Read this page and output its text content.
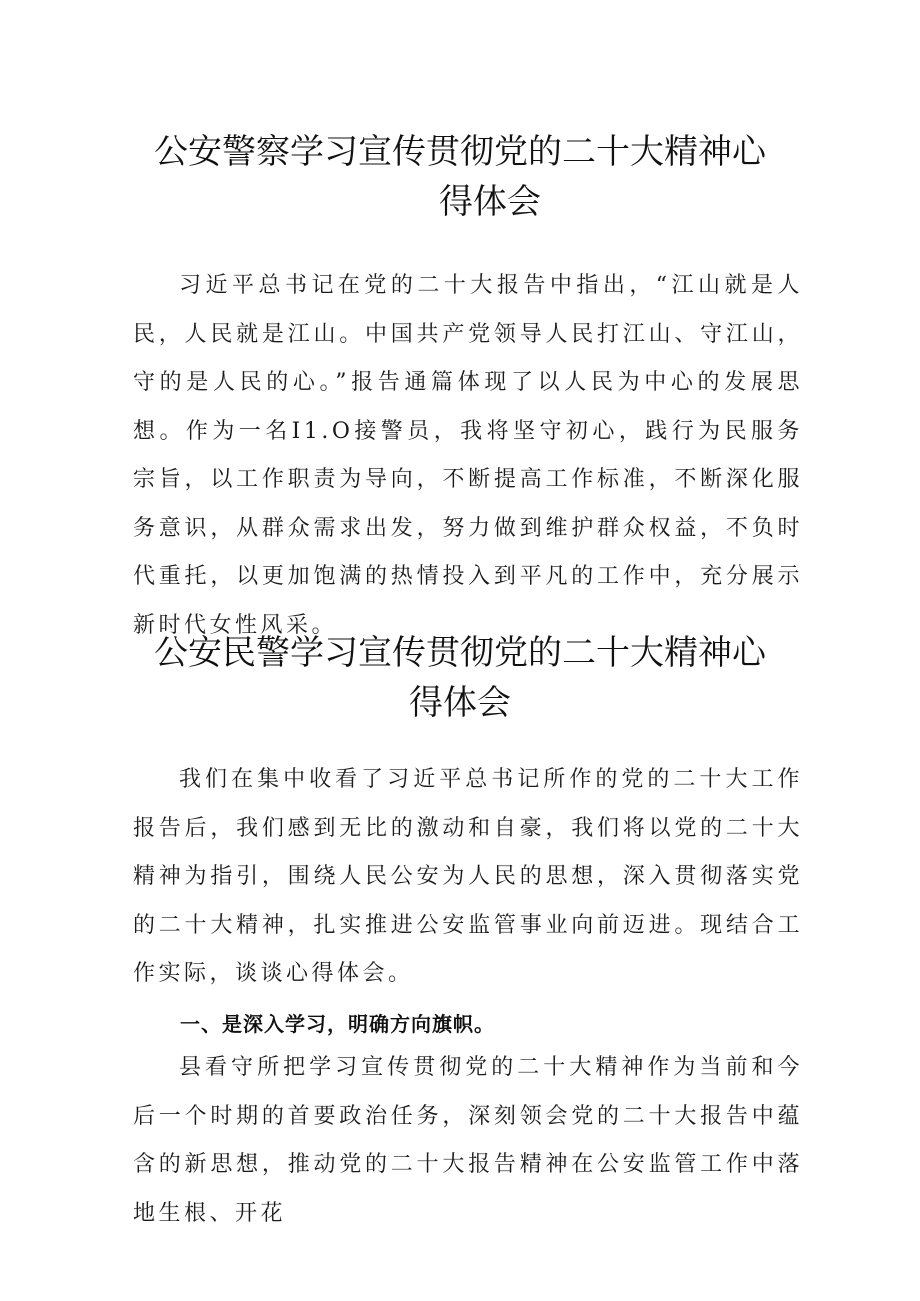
公安警察学习宣传贯彻党的二十大精神心
得体会

习近平总书记在党的二十大报告中指出，“江山就是人民，人民就是江山。中国共产党领导人民打江山、守江山，守的是人民的心。”报告通篇体现了以人民为中心的发展思想。作为一名I1.O接警员，我将坚守初心，践行为民服务宗旨，以工作职责为导向，不断提高工作标准，不断深化服务意识，从群众需求出发，努力做到维护群众权益，不负时代重托，以更加饱满的热情投入到平凡的工作中，充分展示新时代女性风采。

公安民警学习宣传贯彻党的二十大精神心
得体会

我们在集中收看了习近平总书记所作的党的二十大工作报告后，我们感到无比的激动和自豪，我们将以党的二十大精神为指引，围绕人民公安为人民的思想，深入贯彻落实党的二十大精神，扎实推进公安监管事业向前迈进。现结合工作实际，谈谈心得体会。

一、是深入学习，明确方向旗帜。

县看守所把学习宣传贯彻党的二十大精神作为当前和今后一个时期的首要政治任务，深刻领会党的二十大报告中蕴含的新思想，推动党的二十大报告精神在公安监管工作中落地生根、开花
